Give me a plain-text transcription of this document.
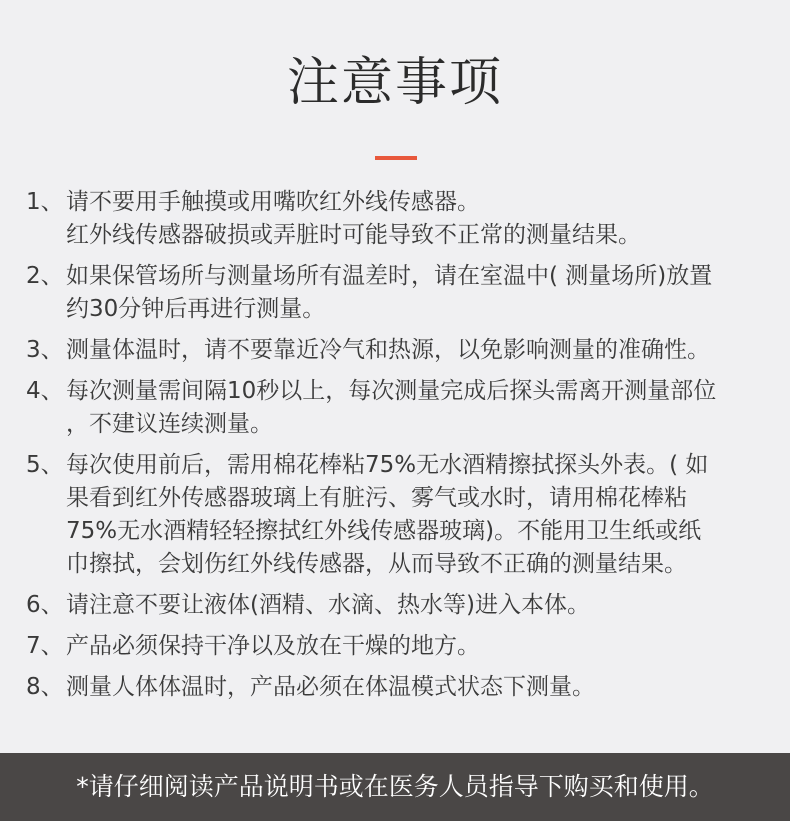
注意事项
1、 请不要用手触摸或用嘴吹红外线传感器。
红外线传感器破损或弄脏时可能导致不正常的测量结果。
2、 如果保管场所与测量场所有温差时，请在室温中( 测量场所)放置
约30分钟后再进行测量。
3、 测量体温时，请不要靠近冷气和热源，以免影响测量的准确性。
4、 每次测量需间隔10秒以上，每次测量完成后探头需离开测量部位
，不建议连续测量。
5、 每次使用前后，需用棉花棒粘75%无水酒精擦拭探头外表。( 如
果看到红外传感器玻璃上有脏污、雾气或水时，请用棉花棒粘
75%无水酒精轻轻擦拭红外线传感器玻璃)。不能用卫生纸或纸
巾擦拭，会划伤红外线传感器，从而导致不正确的测量结果。
6、 请注意不要让液体(酒精、水滴、热水等)进入本体。
7、 产品必须保持干净以及放在干燥的地方。
8、 测量人体体温时，产品必须在体温模式状态下测量。
*请仔细阅读产品说明书或在医务人员指导下购买和使用。
